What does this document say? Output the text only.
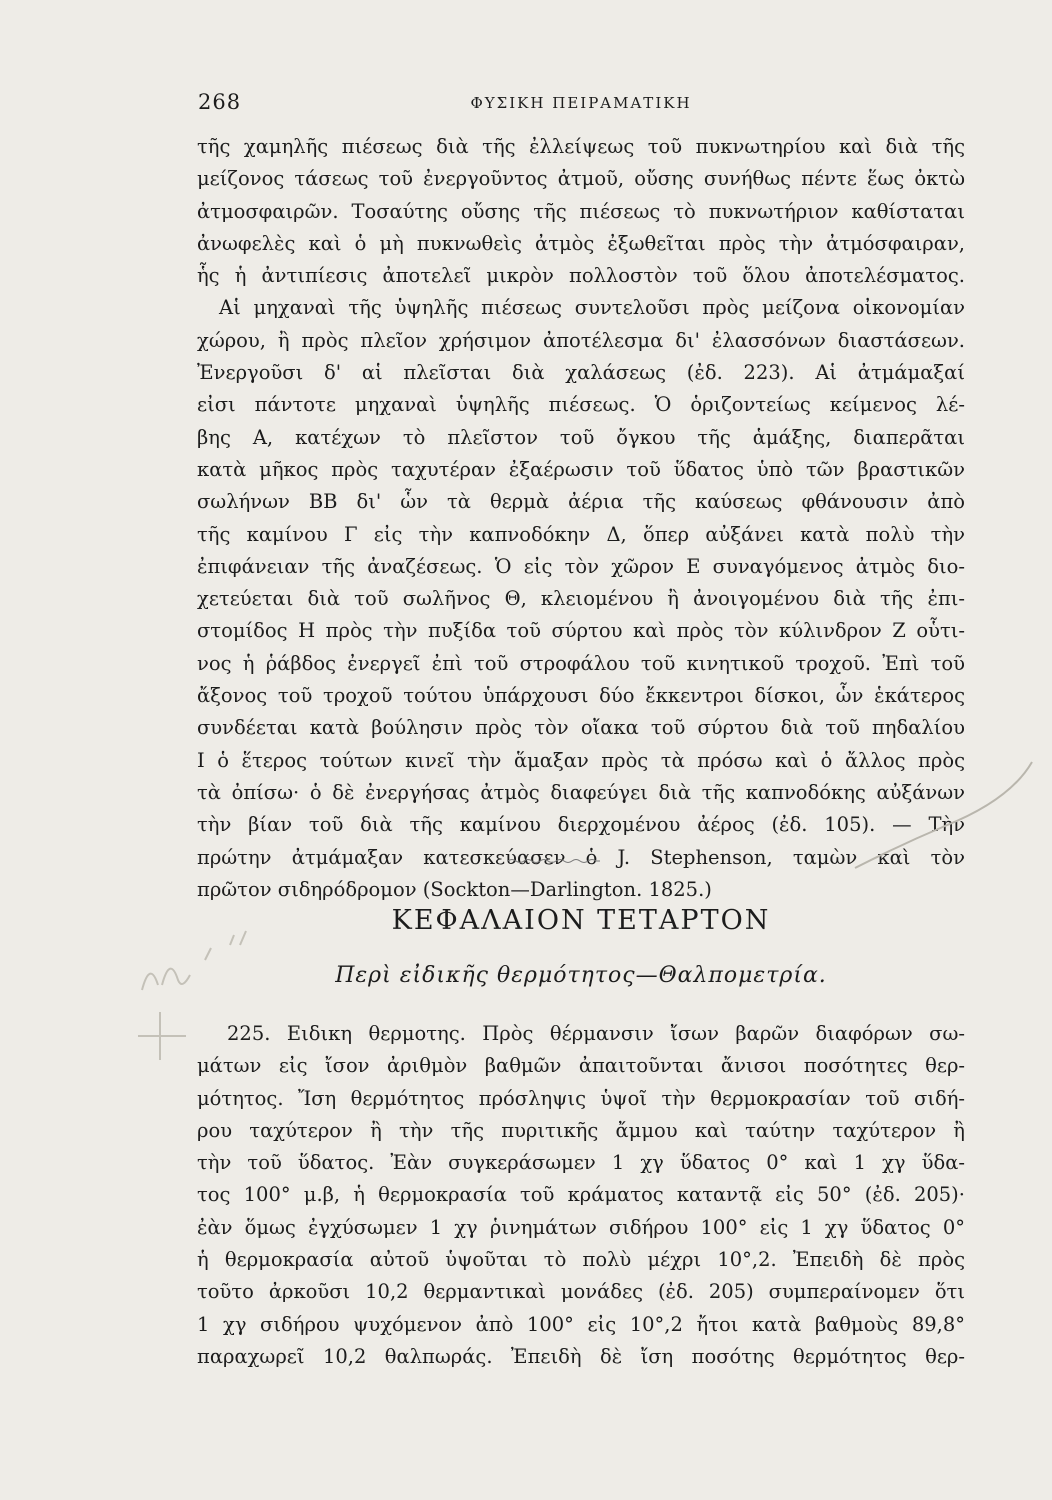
268	ΦΥΣΙΚΗ ΠΕΙΡΑΜΑΤΙΚΗ
τῆς χαμηλῆς πιέσεως διὰ τῆς ἐλλείψεως τοῦ πυκνωτηρίου καὶ διὰ τῆς
μείζονος τάσεως τοῦ ἐνεργοῦντος ἀτμοῦ, οὔσης συνήθως πέντε ἕως ὀκτὼ
ἀτμοσφαιρῶν. Τοσαύτης οὔσης τῆς πιέσεως τὸ πυκνωτήριον καθίσταται
ἀνωφελὲς καὶ ὁ μὴ πυκνωθεὶς ἀτμὸς ἐξωθεῖται πρὸς τὴν ἀτμόσφαιραν,
ἧς ἡ ἀντιπίεσις ἀποτελεῖ μικρὸν πολλοστὸν τοῦ ὅλου ἀποτελέσματος.
Αἱ μηχαναὶ τῆς ὑψηλῆς πιέσεως συντελοῦσι πρὸς μείζονα οἰκονομίαν
χώρου, ἢ πρὸς πλεῖον χρήσιμον ἀποτέλεσμα δι' ἐλασσόνων διαστάσεων.
Ἐνεργοῦσι δ' αἱ πλεῖσται διὰ χαλάσεως (ἐδ. 223). Αἱ ἀτμάμαξαί
εἰσι πάντοτε μηχαναὶ ὑψηλῆς πιέσεως. Ὁ ὁριζοντείως κείμενος λέ-
βης Α, κατέχων τὸ πλεῖστον τοῦ ὄγκου τῆς ἁμάξης, διαπερᾶται
κατὰ μῆκος πρὸς ταχυτέραν ἐξαέρωσιν τοῦ ὕδατος ὑπὸ τῶν βραστικῶν
σωλήνων ΒΒ δι' ὧν τὰ θερμὰ ἀέρια τῆς καύσεως φθάνουσιν ἀπὸ
τῆς καμίνου Γ εἰς τὴν καπνοδόκην Δ, ὅπερ αὐξάνει κατὰ πολὺ τὴν
ἐπιφάνειαν τῆς ἀναζέσεως. Ὁ εἰς τὸν χῶρον Ε συναγόμενος ἀτμὸς διο-
χετεύεται διὰ τοῦ σωλῆνος Θ, κλειομένου ἢ ἀνοιγομένου διὰ τῆς ἐπι-
στομίδος Η πρὸς τὴν πυξίδα τοῦ σύρτου καὶ πρὸς τὸν κύλινδρον Ζ οὗτι-
νος ἡ ῥάβδος ἐνεργεῖ ἐπὶ τοῦ στροφάλου τοῦ κινητικοῦ τροχοῦ. Ἐπὶ τοῦ
ἄξονος τοῦ τροχοῦ τούτου ὑπάρχουσι δύο ἔκκεντροι δίσκοι, ὧν ἑκάτερος
συνδέεται κατὰ βούλησιν πρὸς τὸν οἴακα τοῦ σύρτου διὰ τοῦ πηδαλίου
Ι ὁ ἕτερος τούτων κινεῖ τὴν ἅμαξαν πρὸς τὰ πρόσω καὶ ὁ ἄλλος πρὸς
τὰ ὀπίσω· ὁ δὲ ἐνεργήσας ἀτμὸς διαφεύγει διὰ τῆς καπνοδόκης αὐξάνων
τὴν βίαν τοῦ διὰ τῆς καμίνου διερχομένου ἀέρος (ἐδ. 105). — Τὴν
πρώτην ἀτμάμαξαν κατεσκεύασεν ὁ J. Stephenson, ταμὼν καὶ τὸν
πρῶτον σιδηρόδρομον (Sockton—Darlington. 1825.)
ΚΕΦΑΛΑΙΟΝ ΤΕΤΑΡΤΟΝ
Περὶ εἰδικῆς θερμότητος—Θαλπομετρία.
225. Ειδικη θερμοτης. Πρὸς θέρμανσιν ἴσων βαρῶν διαφόρων σω-
μάτων εἰς ἴσον ἀριθμὸν βαθμῶν ἀπαιτοῦνται ἄνισοι ποσότητες θερ-
μότητος. Ἴση θερμότητος πρόσληψις ὑψοῖ τὴν θερμοκρασίαν τοῦ σιδή-
ρου ταχύτερον ἢ τὴν τῆς πυριτικῆς ἄμμου καὶ ταύτην ταχύτερον ἢ
τὴν τοῦ ὕδατος. Ἐὰν συγκεράσωμεν 1 χγ ὕδατος 0° καὶ 1 χγ ὕδα-
τος 100° μ.β, ἡ θερμοκρασία τοῦ κράματος καταντᾷ εἰς 50° (ἐδ. 205)·
ἐὰν ὅμως ἐγχύσωμεν 1 χγ ῥινημάτων σιδήρου 100° εἰς 1 χγ ὕδατος 0°
ἡ θερμοκρασία αὐτοῦ ὑψοῦται τὸ πολὺ μέχρι 10°,2. Ἐπειδὴ δὲ πρὸς
τοῦτο ἀρκοῦσι 10,2 θερμαντικαὶ μονάδες (ἐδ. 205) συμπεραίνομεν ὅτι
1 χγ σιδήρου ψυχόμενον ἀπὸ 100° εἰς 10°,2 ἤτοι κατὰ βαθμοὺς 89,8°
παραχωρεῖ 10,2 θαλπωράς. Ἐπειδὴ δὲ ἴση ποσότης θερμότητος θερ-
